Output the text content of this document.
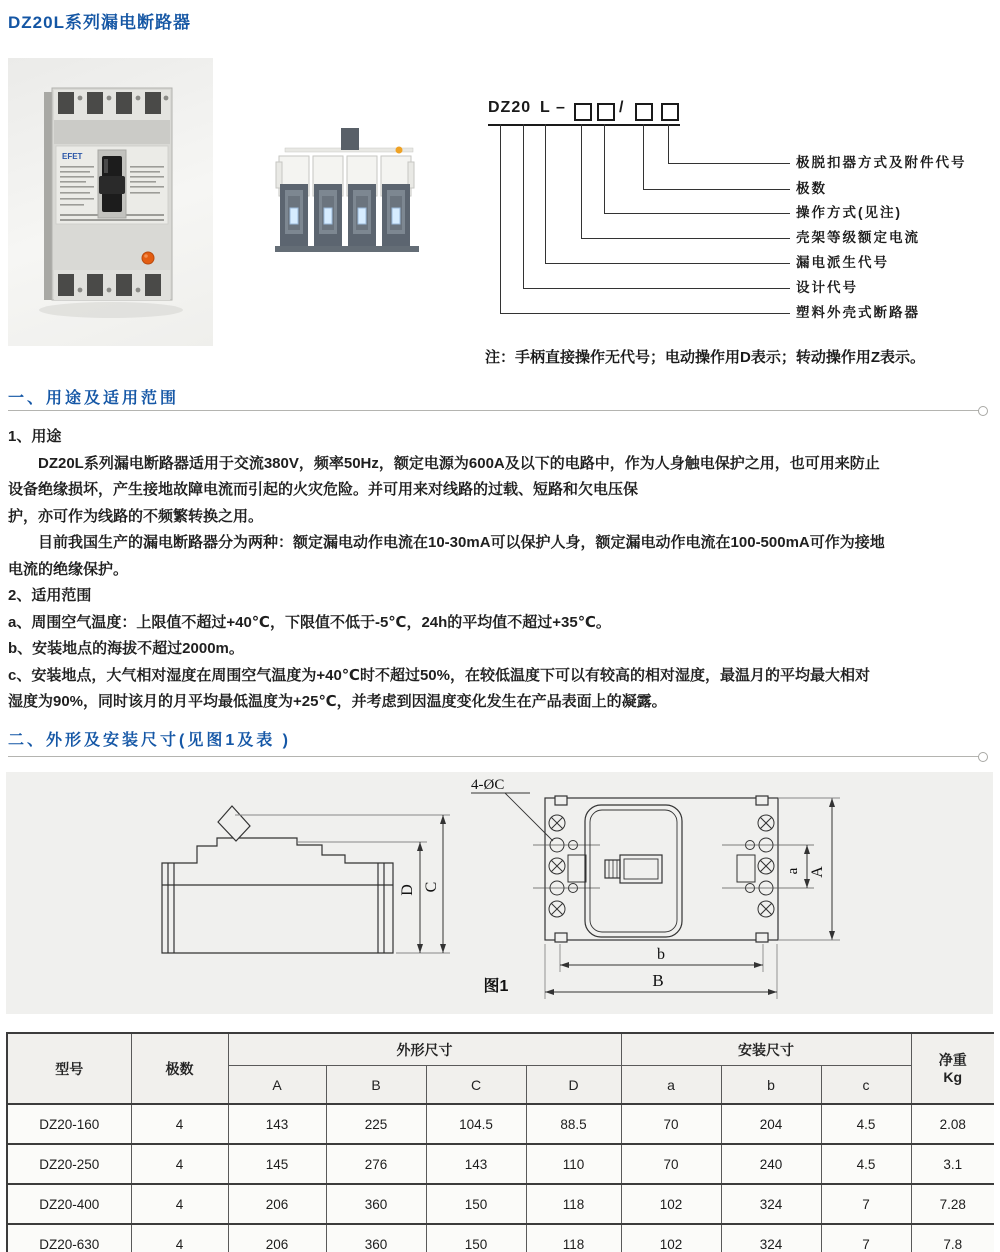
DZ20L系列漏电断路器
EFET
DZ20 L –	/
极脱扣器方式及附件代号
极数
操作方式(见注)
壳架等级额定电流
漏电派生代号
设计代号
塑料外壳式断路器
注：手柄直接操作无代号；电动操作用D表示；转动操作用Z表示。
一、用途及适用范围
1、用途
DZ20L系列漏电断路器适用于交流380V，频率50Hz，额定电源为600A及以下的电路中，作为人身触电保护之用，也可用来防止
设备绝缘损坏，产生接地故障电流而引起的火灾危险。并可用来对线路的过载、短路和欠电压保
护，亦可作为线路的不频繁转换之用。
目前我国生产的漏电断路器分为两种：额定漏电动作电流在10-30mA可以保护人身，额定漏电动作电流在100-500mA可作为接地
电流的绝缘保护。
2、适用范围
a、周围空气温度：上限值不超过+40℃，下限值不低于-5℃，24h的平均值不超过+35℃。
b、安装地点的海拔不超过2000m。
c、安装地点，大气相对湿度在周围空气温度为+40℃时不超过50%，在较低温度下可以有较高的相对湿度，最温月的平均最大相对
湿度为90%，同时该月的月平均最低温度为+25℃，并考虑到因温度变化发生在产品表面上的凝露。
二、外形及安装尺寸(见图1及表 )
D C
4-ØC
a A
b
B
图1
型号	极数	外形尺寸				安装尺寸			净重
Kg

		A	B	C	D	a	b	c	
DZ20-160	4	143	225	104.5	88.5	70	204	4.5	2.08
DZ20-250	4	145	276	143	110	70	240	4.5	3.1
DZ20-400	4	206	360	150	118	102	324	7	7.28
DZ20-630	4	206	360	150	118	102	324	7	7.8
